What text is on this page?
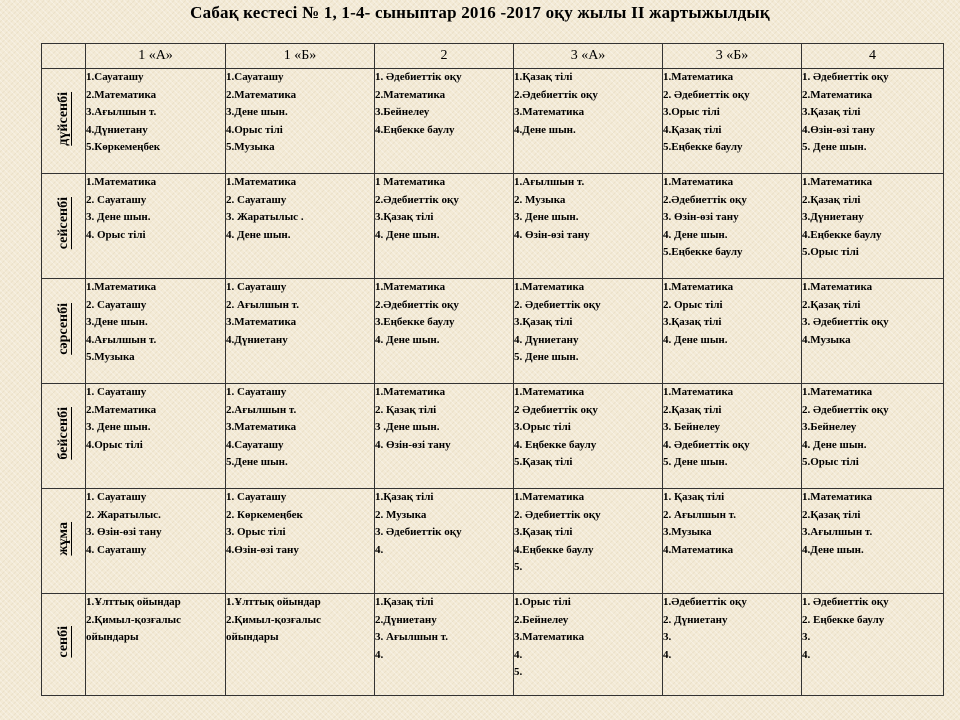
Сабақ кестесі № 1, 1-4- сыныптар 2016 -2017 оқу жылы II жартыжылдық
	1 «А»	1 «Б»	2	3 «А»	3 «Б»	4
дүйсенбі	1.Сауаташу
2.Математика
3.Ағылшын т.
4.Дүниетану
5.Көркемеңбек	1.Сауаташу
2.Математика
3.Дене шын.
4.Орыс тілі
5.Музыка	1. Әдебиеттік оқу
2.Математика
3.Бейнелеу
4.Еңбекке баулу	1.Қазақ тілі
2.Әдебиеттік оқу
3.Математика
4.Дене шын.	1.Математика
2. Әдебиеттік оқу
3.Орыс тілі
4.Қазақ тілі
5.Еңбекке баулу	1. Әдебиеттік оқу
2.Математика
3.Қазақ тілі
4.Өзін-өзі тану
5. Дене шын.

сейсенбі	1.Математика
2. Сауаташу
3. Дене шын.
4. Орыс тілі	1.Математика
2. Сауаташу
3. Жаратылыс .
4. Дене шын.	1 Математика
2.Әдебиеттік оқу
3.Қазақ тілі
4. Дене шын.	1.Ағылшын т.
2. Музыка
3. Дене шын.
4. Өзін-өзі тану	1.Математика
2.Әдебиеттік оқу
3. Өзін-өзі тану
4. Дене шын.
5.Еңбекке баулу	1.Математика
2.Қазақ тілі
3.Дүниетану
4.Еңбекке баулу
5.Орыс тілі

сәрсенбі	1.Математика
2. Сауаташу
3.Дене шын.
4.Ағылшын т.
5.Музыка	1. Сауаташу
2. Ағылшын т.
3.Математика
4.Дүниетану	1.Математика
2.Әдебиеттік оқу
3.Еңбекке баулу
4. Дене шын.	1.Математика
2. Әдебиеттік оқу
3.Қазақ тілі
4. Дүниетану
5. Дене шын.	1.Математика
2. Орыс тілі
3.Қазақ тілі
4. Дене шын.	1.Математика
2.Қазақ тілі
3. Әдебиеттік оқу
4.Музыка

бейсенбі	1. Сауаташу
2.Математика
3. Дене шын.
4.Орыс тілі	1. Сауаташу
2.Ағылшын т.
3.Математика
4.Сауаташу
5.Дене шын.	1.Математика
2. Қазақ тілі
3 .Дене шын.
4. Өзін-өзі тану	1.Математика
2 Әдебиеттік оқу
3.Орыс тілі
4. Еңбекке баулу
5.Қазақ тілі	1.Математика
2.Қазақ тілі
3. Бейнелеу
4. Әдебиеттік оқу
5. Дене шын.	1.Математика
2. Әдебиеттік оқу
3.Бейнелеу
4. Дене шын.
5.Орыс тілі

жұма	1. Сауаташу
2. Жаратылыс.
3. Өзін-өзі тану
4. Сауаташу	1. Сауаташу
2. Көркемеңбек
3. Орыс тілі
4.Өзін-өзі тану	1.Қазақ тілі
2. Музыка
3. Әдебиеттік оқу
4.	1.Математика
2. Әдебиеттік оқу
3.Қазақ тілі
4.Еңбекке баулу
5.	1. Қазақ тілі
2. Ағылшын т.
3.Музыка
4.Математика	1.Математика
2.Қазақ тілі
3.Ағылшын т.
4.Дене шын.

сенбі	1.Ұлттық ойындар
2.Қимыл-қозғалыс
ойындары	1.Ұлттық ойындар
2.Қимыл-қозғалыс
ойындары	1.Қазақ тілі
2.Дүниетану
3. Ағылшын т.
4.	1.Орыс тілі
2.Бейнелеу
3.Математика
4.
5.	1.Әдебиеттік оқу
2. Дүниетану
3.
4.	1. Әдебиеттік оқу
2. Еңбекке баулу
3.
4.
